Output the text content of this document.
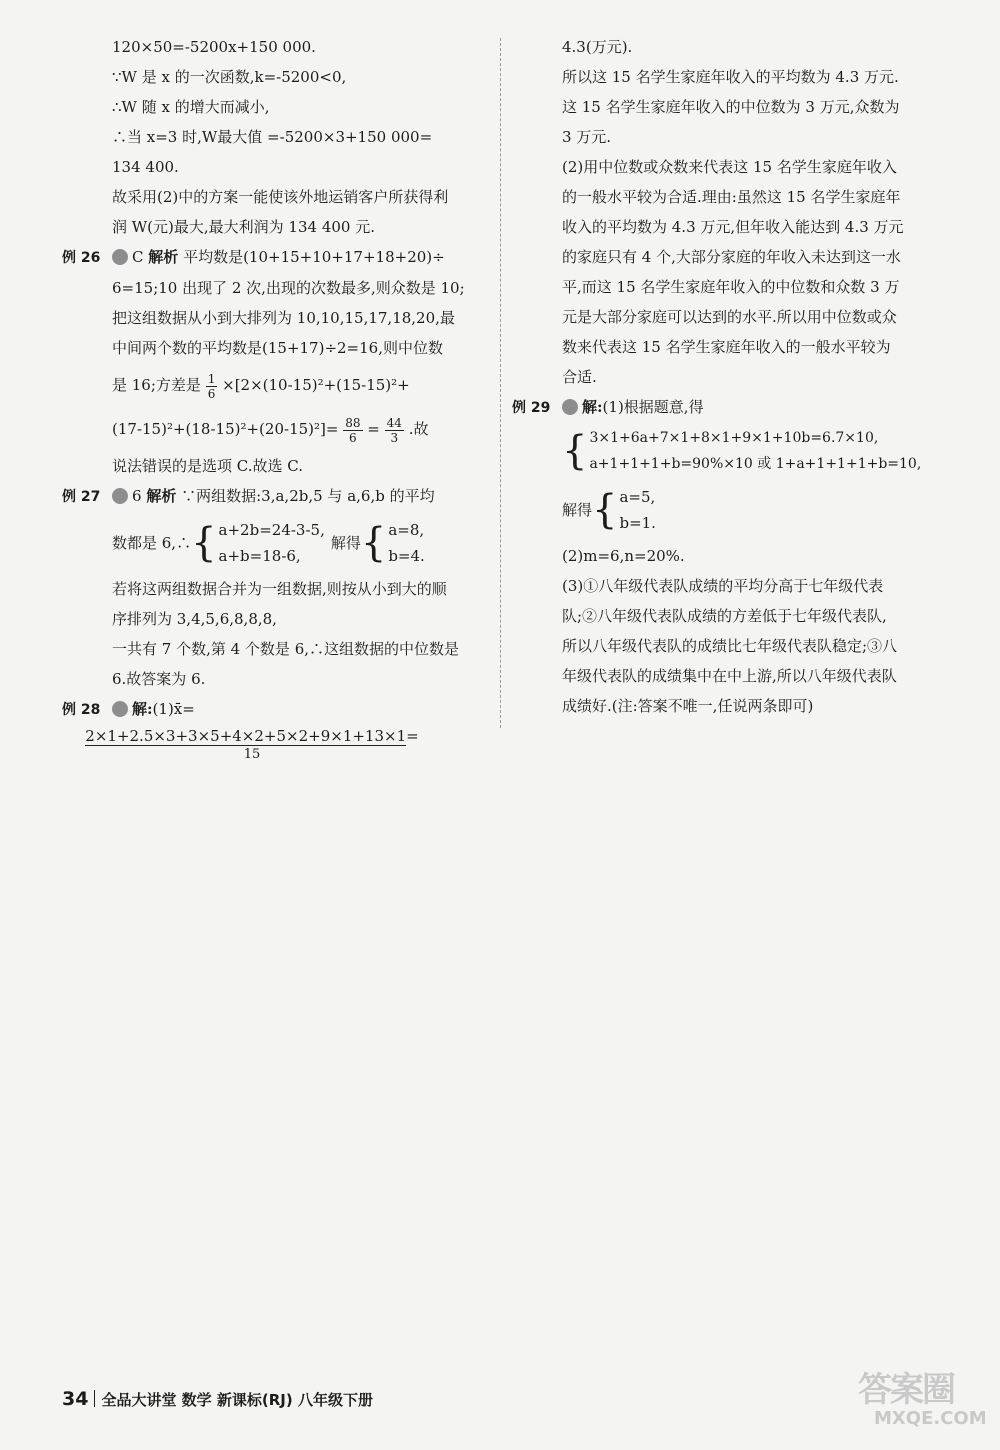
120×50=-5200x+150 000.
∵W 是 x 的一次函数,k=-5200<0,
∴W 随 x 的增大而减小,
∴当 x=3 时,W最大值 =-5200×3+150 000=
134 400.
故采用(2)中的方案一能使该外地运销客户所获得利
润 W(元)最大,最大利润为 134 400 元.
例 26 C 解析 平均数是(10+15+10+17+18+20)÷
6=15;10 出现了 2 次,出现的次数最多,则众数是 10;
把这组数据从小到大排列为 10,10,15,17,18,20,最
中间两个数的平均数是(15+17)÷2=16,则中位数
是 16;方差是 $\frac{1}{6} \times[2\times(10-15)^2+(15-15)^2+$
$(17-15)^2+(18-15)^2+(20-15)^2]= \frac{88}{6} = \frac{44}{3}$ .故
说法错误的是选项 C.故选 C.
例 27 6 解析 ∵两组数据:3,a,2b,5 与 a,6,b 的平均
数都是 6,∴ { a+2b=24-3-5,
a+b=18-6,
解得 { a=8,
b=4.
若将这两组数据合并为一组数据,则按从小到大的顺
序排列为 3,4,5,6,8,8,8,
一共有 7 个数,第 4 个数是 6,∴这组数据的中位数是
6.故答案为 6.
例 28 解:(1)x̄=
2×1+2.5×3+3×5+4×2+5×2+9×1+13×1=
15
4.3(万元).
所以这 15 名学生家庭年收入的平均数为 4.3 万元.
这 15 名学生家庭年收入的中位数为 3 万元,众数为
3 万元.
(2)用中位数或众数来代表这 15 名学生家庭年收入
的一般水平较为合适.理由:虽然这 15 名学生家庭年
收入的平均数为 4.3 万元,但年收入能达到 4.3 万元
的家庭只有 4 个,大部分家庭的年收入未达到这一水
平,而这 15 名学生家庭年收入的中位数和众数 3 万
元是大部分家庭可以达到的水平.所以用中位数或众
数来代表这 15 名学生家庭年收入的一般水平较为
合适.
例 29 解:(1)根据题意,得
{ 3×1+6a+7×1+8×1+9×1+10b=6.7×10,
a+1+1+1+b=90%×10 或 1+a+1+1+1+b=10,
解得 { a=5,
b=1.
(2)m=6,n=20%.
(3)①八年级代表队成绩的平均分高于七年级代表
队;②八年级代表队成绩的方差低于七年级代表队,
所以八年级代表队的成绩比七年级代表队稳定;③八
年级代表队的成绩集中在中上游,所以八年级代表队
成绩好.(注:答案不唯一,任说两条即可)
34 全品大讲堂 数学 新课标(RJ) 八年级下册	答案圈
MXQE.COM
